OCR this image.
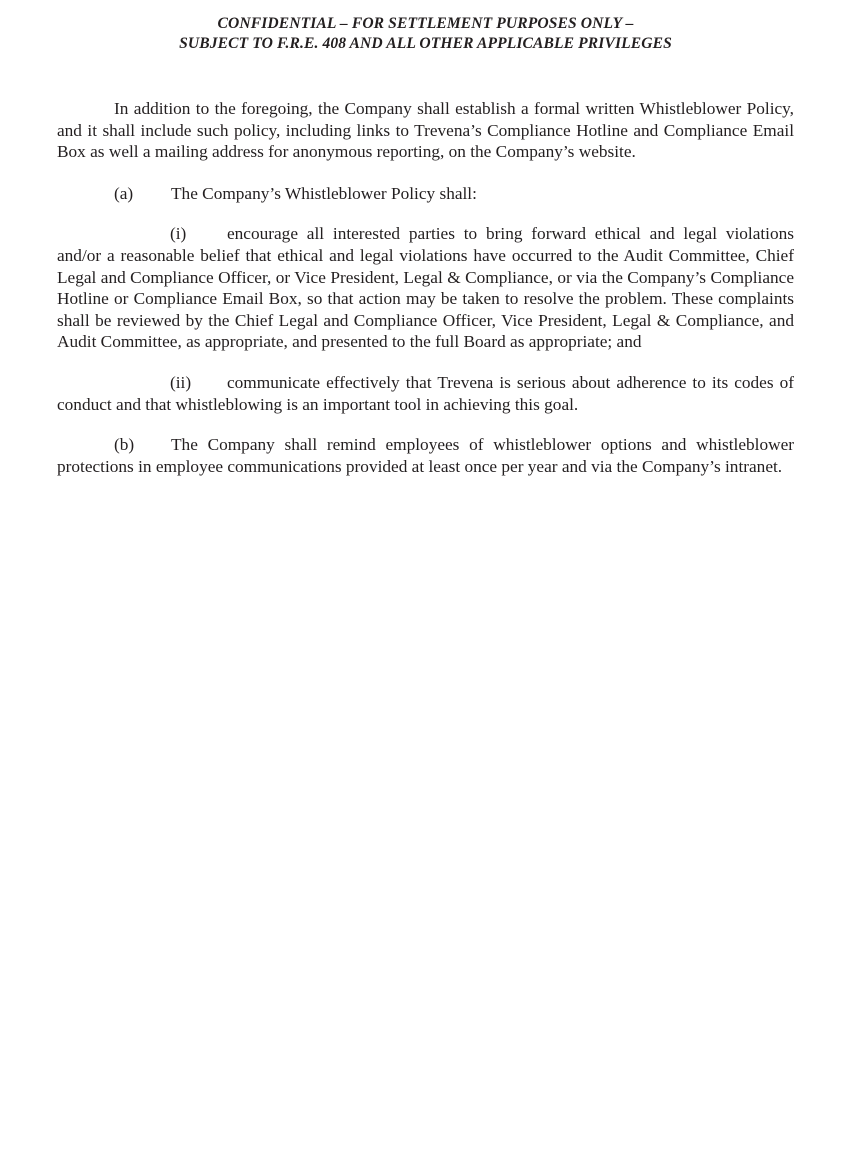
CONFIDENTIAL – FOR SETTLEMENT PURPOSES ONLY –
SUBJECT TO F.R.E. 408 AND ALL OTHER APPLICABLE PRIVILEGES

In addition to the foregoing, the Company shall establish a formal written Whistleblower Policy, and it shall include such policy, including links to Trevena’s Compliance Hotline and Compliance Email Box as well a mailing address for anonymous reporting, on the Company’s website.

(a) The Company’s Whistleblower Policy shall:

(i) encourage all interested parties to bring forward ethical and legal violations and/or a reasonable belief that ethical and legal violations have occurred to the Audit Committee, Chief Legal and Compliance Officer, or Vice President, Legal & Compliance, or via the Company’s Compliance Hotline or Compliance Email Box, so that action may be taken to resolve the problem. These complaints shall be reviewed by the Chief Legal and Compliance Officer, Vice President, Legal & Compliance, and Audit Committee, as appropriate, and presented to the full Board as appropriate; and

(ii) communicate effectively that Trevena is serious about adherence to its codes of conduct and that whistleblowing is an important tool in achieving this goal.

(b) The Company shall remind employees of whistleblower options and whistleblower protections in employee communications provided at least once per year and via the Company’s intranet.
